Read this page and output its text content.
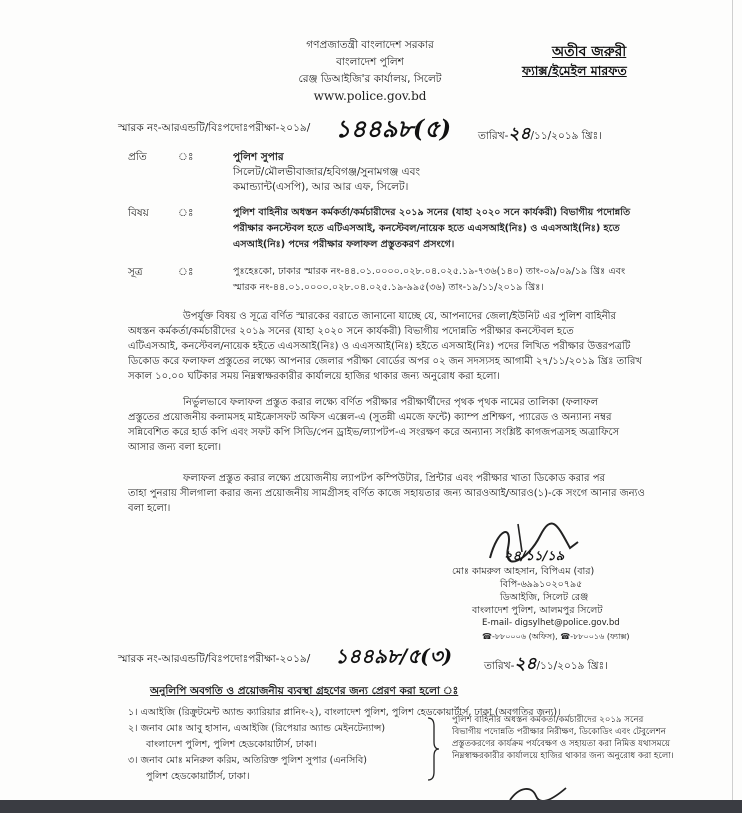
গণপ্রজাতন্ত্রী বাংলাদেশ সরকার
বাংলাদেশ পুলিশ
রেঞ্জ ডিআইজি'র কার্যালয়, সিলেট
www.police.gov.bd
অতীব জরুরী
ফ্যাক্স/ইমেইল মারফত
স্মারক নং-আরএন্ডটি/বিঃপদোঃপরীক্ষা-২০১৯/ ১৪৪৯৮(৫)	তারিখ-২৪/১১/২০১৯ খ্রিঃ।
প্রতি	ঃ	পুলিশ সুপার
সিলেট/মৌলভীবাজার/হবিগঞ্জ/সুনামগঞ্জ এবং
কমান্ড্যান্ট(এসপি), আর আর এফ, সিলেট।
বিষয়	ঃ	পুলিশ বাহিনীর অধস্তন কর্মকর্তা/কর্মচারীদের ২০১৯ সনের (যাহা ২০২০ সনে কার্যকরী) বিভাগীয় পদোন্নতি
পরীক্ষার কনস্টেবল হতে এটিএসআই, কনস্টেবল/নায়েক হতে এএসআই(নিঃ) ও এএসআই(নিঃ) হতে
এসআই(নিঃ) পদের পরীক্ষার ফলাফল প্রস্তুতকরণ প্রসংগে।
সূত্র	ঃ	পুঃহেঃকো, ঢাকার স্মারক নং-৪৪.০১.০০০০.০২৮.০৪.০২৫.১৯-৭৩৬(১৪০) তাং-০৯/০৯/১৯ খ্রিঃ এবং
স্মারক নং-৪৪.০১.০০০০.০২৮.০৪.০২৫.১৯-৯৯৫(৩৬) তাং-১৯/১১/২০১৯ খ্রিঃ।
উপর্যুক্ত বিষয় ও সূত্রে বর্ণিত স্মারকের বরাতে জানানো যাচ্ছে যে, আপনাদের জেলা/ইউনিট এর পুলিশ বাহিনীর
অধস্তন কর্মকর্তা/কর্মচারীদের ২০১৯ সনের (যাহা ২০২০ সনে কার্যকরী) বিভাগীয় পদোন্নতি পরীক্ষার কনস্টেবল হতে
এটিএসআই, কনস্টেবল/নায়েক হইতে এএসআই(নিঃ) ও এএসআই(নিঃ) হইতে এসআই(নিঃ) পদের লিখিত পরীক্ষার উত্তরপত্রটি
ডিকোড করে ফলাফল প্রস্তুতের লক্ষ্যে আপনার জেলার পরীক্ষা বোর্ডের অপর ০২ জন সদস্যসহ আগামী ২৭/১১/২০১৯ খ্রিঃ তারিখ
সকাল ১০.০০ ঘটিকার সময় নিম্নস্বাক্ষরকারীর কার্যালয়ে হাজির থাকার জন্য অনুরোধ করা হলো।
নির্ভুলভাবে ফলাফল প্রস্তুত করার লক্ষ্যে বর্ণিত পরীক্ষার পরীক্ষার্থীদের পৃথক পৃথক নামের তালিকা (ফলাফল
প্রস্তুতের প্রয়োজনীয় কলামসহ মাইক্রোসফট অফিস এক্সেল-এ (সুতন্নী এমজে ফন্টে) ক্যাম্প প্রশিক্ষণ, প্যারেড ও অন্যান্য নম্বর
সন্নিবেশিত করে হার্ড কপি এবং সফট কপি সিডি/পেন ড্রাইভ/ল্যাপটপ-এ সংরক্ষণ করে অন্যান্য সংশ্লিষ্ট কাগজপত্রসহ অত্রাফিসে
আসার জন্য বলা হলো।
ফলাফল প্রস্তুত করার লক্ষ্যে প্রয়োজনীয় ল্যাপটপ কম্পিউটার, প্রিন্টার এবং পরীক্ষার খাতা ডিকোড করার পর
তাহা পুনরায় সীলগালা করার জন্য প্রয়োজনীয় সামগ্রীসহ বর্ণিত কাজে সহায়তার জন্য আরওআই/আরও(১)-কে সংগে আনার জন্যও
বলা হলো।
২৪/১১/১৯
মোঃ কামরুল আহসান, বিপিএম (বার)
বিপি-৬৯৯১০২০৭৯৫
ডিআইজি, সিলেট রেঞ্জ
বাংলাদেশ পুলিশ, আলমপুর সিলেট
E-mail- digsylhet@police.gov.bd
☎-৮৮০০০৬ (অফিস), ☎-৮৮০০১৬ (ফ্যাক্স)
স্মারক নং-আরএন্ডটি/বিঃপদোঃপরীক্ষা-২০১৯/ ১৪৪৯৮/৫(৩)	তারিখ-২৪/১১/২০১৯ খ্রিঃ।
অনুলিপি অবগতি ও প্রয়োজনীয় ব্যবস্থা গ্রহণের জন্য প্রেরণ করা হলো ঃ
১। এআইজি (রিক্রুটমেন্ট অ্যান্ড ক্যারিয়ার প্লানিং-২), বাংলাদেশ পুলিশ, পুলিশ হেডকোয়ার্টার্স, ঢাকা (অবগতির জন্য)।
২। জনাব মোঃ আবু হাসান, এআইজি (রিপেয়ার অ্যান্ড মেইনটেন্যান্স)
বাংলাদেশ পুলিশ, পুলিশ হেডকোয়ার্টার্স, ঢাকা।
৩। জনাব মোঃ মনিরুল করিম, অতিরিক্ত পুলিশ সুপার (এনসিবি)
পুলিশ হেডকোয়ার্টার্স, ঢাকা।
পুলিশ বাহিনীর অধস্তন কর্মকর্তা/কর্মচারীদের ২০১৯ সনের
বিভাগীয় পদোন্নতি পরীক্ষার নিরীক্ষণ, ডিকোডিং এবং টেবুলেশন
প্রস্তুতকরণের কার্যক্রম পর্যবেক্ষণ ও সহায়তা করা নিমিত্ত যথাসময়ে
নিম্নস্বাক্ষরকারীর কার্যালয়ে হাজির থাকার জন্য অনুরোধ করা হলো।
